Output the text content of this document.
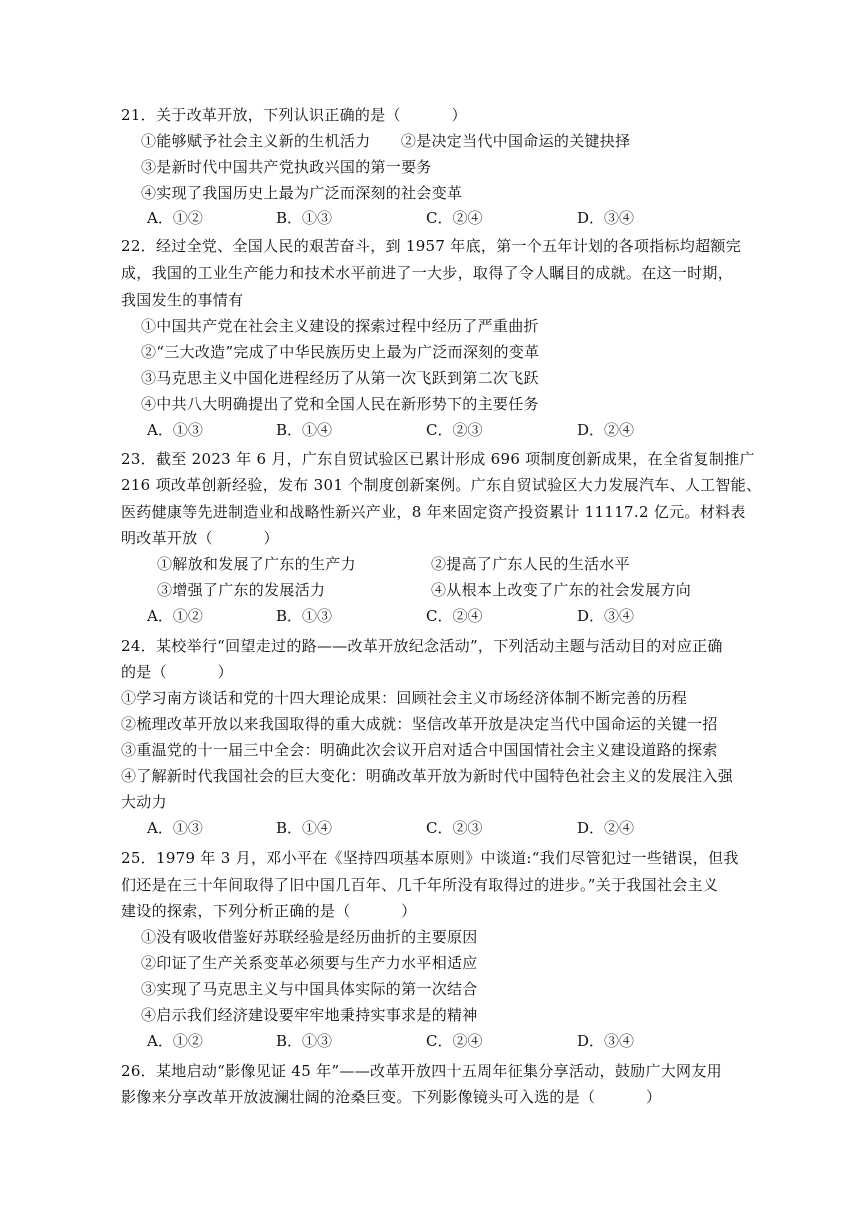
21．关于改革开放，下列认识正确的是（          ）
①能够赋予社会主义新的生机活力      ②是决定当代中国命运的关键抉择
③是新时代中国共产党执政兴国的第一要务
④实现了我国历史上最为广泛而深刻的社会变革
A．①②	B．①③	C．②④	D．③④
22．经过全党、全国人民的艰苦奋斗，到 1957 年底，第一个五年计划的各项指标均超额完
成，我国的工业生产能力和技术水平前进了一大步，取得了令人瞩目的成就。在这一时期，
我国发生的事情有
①中国共产党在社会主义建设的探索过程中经历了严重曲折
②“三大改造”完成了中华民族历史上最为广泛而深刻的变革
③马克思主义中国化进程经历了从第一次飞跃到第二次飞跃
④中共八大明确提出了党和全国人民在新形势下的主要任务
A．①③	B．①④	C．②③	D．②④
23．截至 2023 年 6 月，广东自贸试验区已累计形成 696 项制度创新成果，在全省复制推广
216 项改革创新经验，发布 301 个制度创新案例。广东自贸试验区大力发展汽车、人工智能、
医药健康等先进制造业和战略性新兴产业，8 年来固定资产投资累计 11117.2 亿元。材料表
明改革开放（          ）
①解放和发展了广东的生产力	②提高了广东人民的生活水平
③增强了广东的发展活力	④从根本上改变了广东的社会发展方向
A．①②	B．①③	C．②④	D．③④
24．某校举行“回望走过的路——改革开放纪念活动”，下列活动主题与活动目的对应正确
的是（          ）
①学习南方谈话和党的十四大理论成果：回顾社会主义市场经济体制不断完善的历程
②梳理改革开放以来我国取得的重大成就：坚信改革开放是决定当代中国命运的关键一招
③重温党的十一届三中全会：明确此次会议开启对适合中国国情社会主义建设道路的探索
④了解新时代我国社会的巨大变化：明确改革开放为新时代中国特色社会主义的发展注入强
大动力
A．①③	B．①④	C．②③	D．②④
25．1979 年 3 月，邓小平在《坚持四项基本原则》中谈道:“我们尽管犯过一些错误，但我
们还是在三十年间取得了旧中国几百年、几千年所没有取得过的进步。”关于我国社会主义
建设的探索，下列分析正确的是（          ）
①没有吸收借鉴好苏联经验是经历曲折的主要原因
②印证了生产关系变革必须要与生产力水平相适应
③实现了马克思主义与中国具体实际的第一次结合
④启示我们经济建设要牢牢地秉持实事求是的精神
A．①②	B．①③	C．②④	D．③④
26．某地启动“影像见证 45 年”——改革开放四十五周年征集分享活动，鼓励广大网友用
影像来分享改革开放波澜壮阔的沧桑巨变。下列影像镜头可入选的是（          ）
